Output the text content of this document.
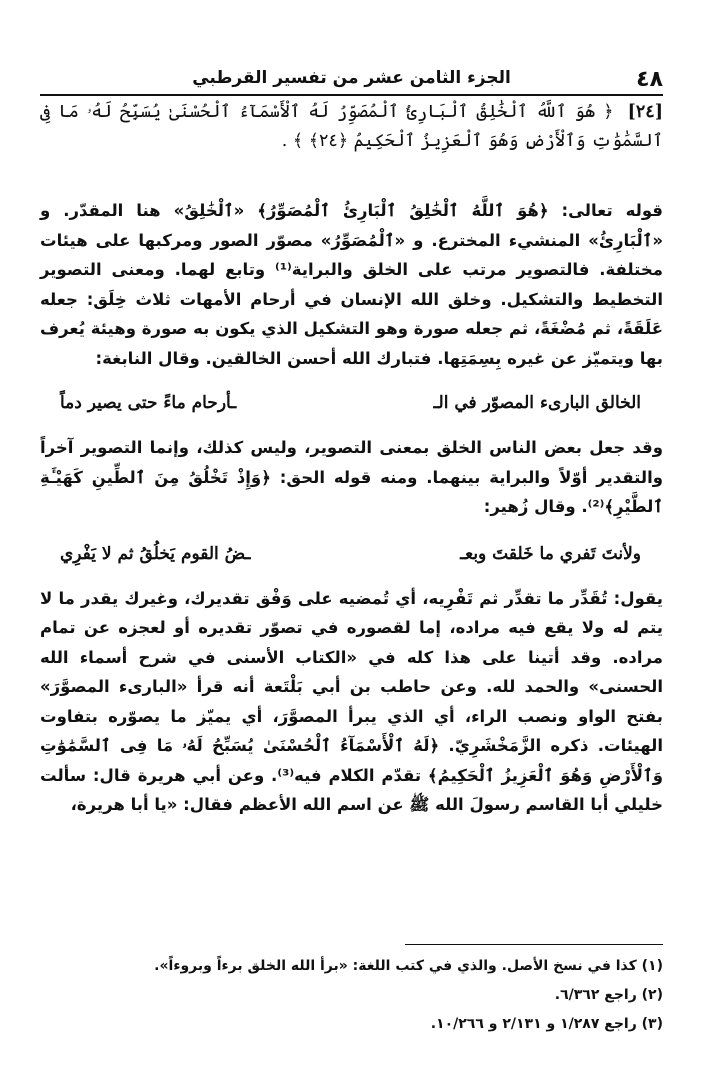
٤٨
الجزء الثامن عشر من تفسير القرطبي
[٢٤] ﴿ هُوَ ٱللَّهُ ٱلْخَٰلِقُ ٱلْبَارِئُ ٱلْمُصَوِّرُ لَهُ ٱلْأَسْمَآءُ ٱلْحُسْنَىٰ يُسَبِّحُ لَهُۥ مَا فِى ٱلسَّمَٰوَٰتِ وَٱلْأَرْضِ وَهُوَ ٱلْعَزِيزُ ٱلْحَكِيمُ ﴿٢٤﴾ ﴾ .

قوله تعالى: ﴿هُوَ ٱللَّهُ ٱلْخَٰلِقُ ٱلْبَارِئُ ٱلْمُصَوِّرُ﴾ «ٱلْخَٰلِقُ» هنا المقدّر. و «ٱلْبَارِئُ» المنشيء المخترع. و «ٱلْمُصَوِّرُ» مصوّر الصور ومركبها على هيئات مختلفة. فالتصوير مرتب على الخلق والبراية⁽¹⁾ وتابع لهما. ومعنى التصوير التخطيط والتشكيل. وخلق الله الإنسان في أرحام الأمهات ثلاث خِلَق: جعله عَلَقَةً، ثم مُضْغَةً، ثم جعله صورة وهو التشكيل الذي يكون به صورة وهيئة يُعرف بها ويتميّز عن غيره بِسِمَتِها. فتبارك الله أحسن الخالقين. وقال النابغة:

الخالق البارىء المصوّر في الـ
ـأرحام ماءً حتى يصير دماً

وقد جعل بعض الناس الخلق بمعنى التصوير، وليس كذلك، وإنما التصوير آخراً والتقدير أوّلاً والبراية بينهما. ومنه قوله الحق: ﴿وَإِذْ تَخْلُقُ مِنَ ٱلطِّينِ كَهَيْـَٔةِ ٱلطَّيْرِ﴾⁽²⁾. وقال زُهير:

ولأنتَ تَفري ما خَلقتَ وبعـ
ـضُ القوم يَخلُقُ ثم لا يَفْرِي

يقول: تُقَدِّر ما تقدِّر ثم تَفْرِيه، أي تُمضيه على وَفْق تقديرك، وغيرك يقدر ما لا يتم له ولا يقع فيه مراده، إما لقصوره في تصوّر تقديره أو لعجزه عن تمام مراده. وقد أتينا على هذا كله في «الكتاب الأسنى في شرح أسماء الله الحسنى» والحمد لله. وعن حاطب بن أبي بَلْتَعة أنه قرأ «البارىء المصوَّرَ» بفتح الواو ونصب الراء، أي الذي يبرأ المصوَّرَ، أي يميّز ما يصوّره بتفاوت الهيئات. ذكره الزَّمَخْشَرِيّ. ﴿لَهُ ٱلْأَسْمَآءُ ٱلْحُسْنَىٰ يُسَبِّحُ لَهُۥ مَا فِى ٱلسَّمَٰوَٰتِ وَٱلْأَرْضِ وَهُوَ ٱلْعَزِيزُ ٱلْحَكِيمُ﴾ تقدّم الكلام فيه⁽³⁾. وعن أبي هريرة قال: سألت خليلي أبا القاسم رسولَ الله ﷺ عن اسم الله الأعظم فقال: «يا أبا هريرة،

(١) كذا في نسخ الأصل. والذي في كتب اللغة: «برأ الله الخلق برءاً وبروءاً».

(٢) راجع ٦/٣٦٢.

(٣) راجع ١/٢٨٧ و ٢/١٣١ و ١٠/٢٦٦.
